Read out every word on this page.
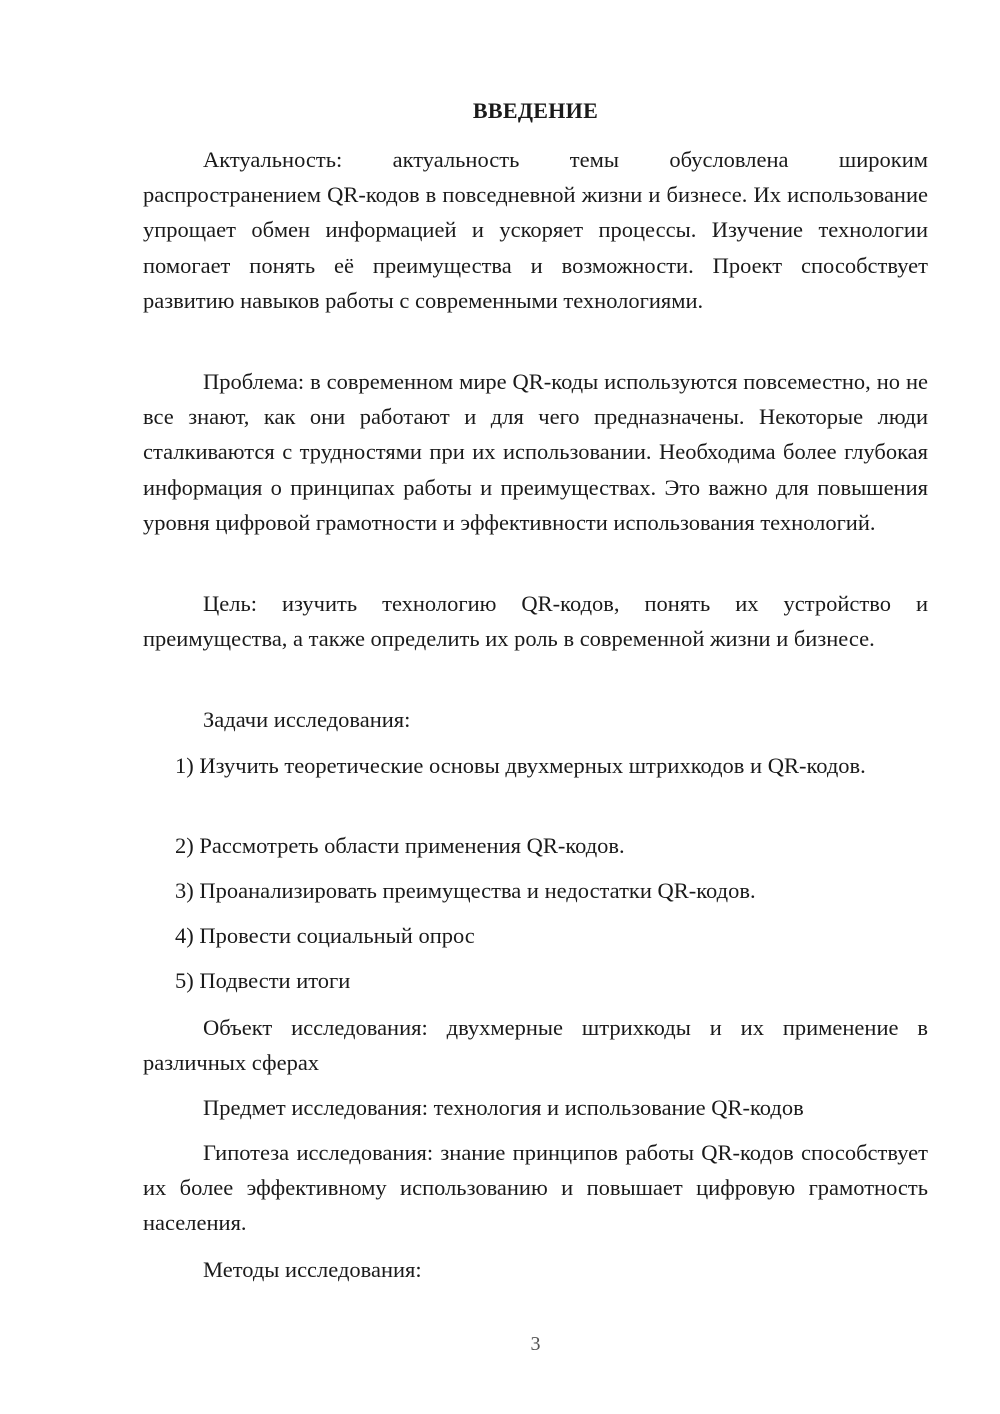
ВВЕДЕНИЕ

Актуальность: актуальность темы обусловлена широким распространением QR-кодов в повседневной жизни и бизнесе. Их использование упрощает обмен информацией и ускоряет процессы. Изучение технологии помогает понять её преимущества и возможности. Проект способствует развитию навыков работы с современными технологиями.

Проблема: в современном мире QR-коды используются повсеместно, но не все знают, как они работают и для чего предназначены. Некоторые люди сталкиваются с трудностями при их использовании. Необходима более глубокая информация о принципах работы и преимуществах. Это важно для повышения уровня цифровой грамотности и эффективности использования технологий.

Цель: изучить технологию QR-кодов, понять их устройство и преимущества, а также определить их роль в современной жизни и бизнесе.

Задачи исследования:

1) Изучить теоретические основы двухмерных штрихкодов и QR-кодов.

2) Рассмотреть области применения QR-кодов.

3) Проанализировать преимущества и недостатки QR-кодов.

4) Провести социальный опрос

5) Подвести итоги

Объект исследования: двухмерные штрихкоды и их применение в различных сферах

Предмет исследования: технология и использование QR-кодов

Гипотеза исследования: знание принципов работы QR-кодов способствует их более эффективному использованию и повышает цифровую грамотность населения.

Методы исследования:

3
